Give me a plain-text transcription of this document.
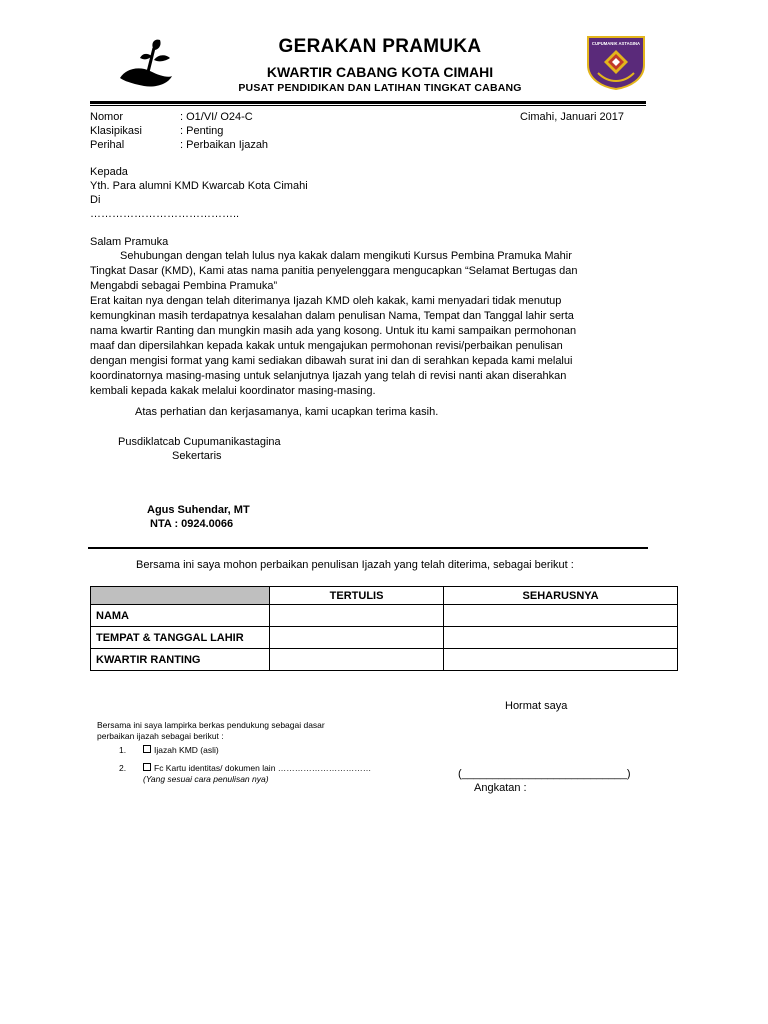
GERAKAN PRAMUKA
KWARTIR CABANG KOTA CIMAHI
PUSAT PENDIDIKAN DAN LATIHAN TINGKAT CABANG
CUPUMANIK ASTAGINA
Nomor	: O1/VI/ O24-C	Cimahi, Januari 2017
Klasipikasi	: Penting
Perihal	: Perbaikan Ijazah
Kepada
Yth. Para alumni KMD Kwarcab Kota Cimahi
Di
…………………………………..
Salam Pramuka
Sehubungan dengan telah lulus nya kakak dalam mengikuti Kursus Pembina Pramuka Mahir
Tingkat Dasar (KMD), Kami atas nama panitia penyelenggara mengucapkan “Selamat Bertugas dan
Mengabdi sebagai Pembina Pramuka”
Erat kaitan nya dengan telah diterimanya Ijazah KMD oleh kakak, kami menyadari tidak menutup
kemungkinan masih terdapatnya kesalahan dalam penulisan Nama, Tempat dan Tanggal lahir serta
nama kwartir Ranting dan mungkin masih ada yang kosong. Untuk itu kami sampaikan permohonan
maaf dan dipersilahkan kepada kakak untuk mengajukan permohonan revisi/perbaikan penulisan
dengan mengisi format yang kami sediakan dibawah surat ini dan di serahkan kepada kami melalui
koordinatornya masing-masing untuk selanjutnya Ijazah yang telah di revisi nanti akan diserahkan
kembali kepada kakak melalui koordinator masing-masing.
Atas perhatian dan kerjasamanya, kami ucapkan terima kasih.
Pusdiklatcab Cupumanikastagina
Sekertaris
Agus Suhendar, MT
NTA : 0924.0066
Bersama ini saya mohon perbaikan penulisan Ijazah yang telah diterima, sebagai berikut :
	TERTULIS	SEHARUSNYA
NAMA		
TEMPAT & TANGGAL LAHIR		
KWARTIR RANTING		
Hormat saya
Bersama ini saya lampirka berkas pendukung sebagai dasar
perbaikan ijazah sebagai berikut :
1.	Ijazah KMD (asli)
2.	Fc Kartu identitas/ dokumen lain ……………………………
(Yang sesuai cara penulisan nya)	(___________________________)
Angkatan :
